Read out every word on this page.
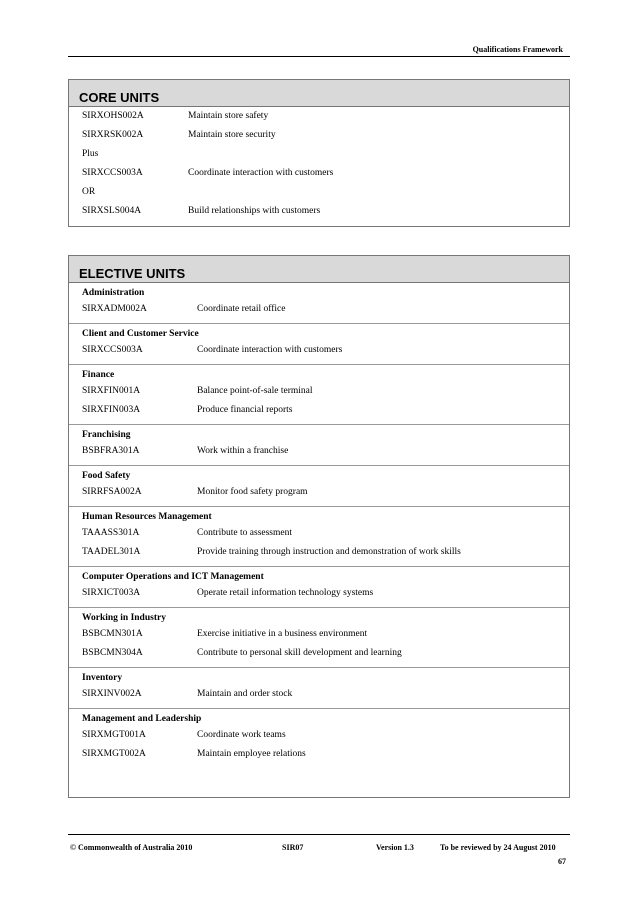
Qualifications Framework
CORE UNITS
SIRXOHS002A	Maintain store safety
SIRXRSK002A	Maintain store security
Plus
SIRXCCS003A	Coordinate interaction with customers
OR
SIRXSLS004A	Build relationships with customers
ELECTIVE UNITS
Administration
SIRXADM002A	Coordinate retail office
Client and Customer Service
SIRXCCS003A	Coordinate interaction with customers
Finance
SIRXFIN001A	Balance point-of-sale terminal
SIRXFIN003A	Produce financial reports
Franchising
BSBFRA301A	Work within a franchise
Food Safety
SIRRFSA002A	Monitor food safety program
Human Resources Management
TAAASS301A	Contribute to assessment
TAADEL301A	Provide training through instruction and demonstration of work skills
Computer Operations and ICT Management
SIRXICT003A	Operate retail information technology systems
Working in Industry
BSBCMN301A	Exercise initiative in a business environment
BSBCMN304A	Contribute to personal skill development and learning
Inventory
SIRXINV002A	Maintain and order stock
Management and Leadership
SIRXMGT001A	Coordinate work teams
SIRXMGT002A	Maintain employee relations
© Commonwealth of Australia 2010	SIR07	Version 1.3	To be reviewed by 24 August 2010
67
